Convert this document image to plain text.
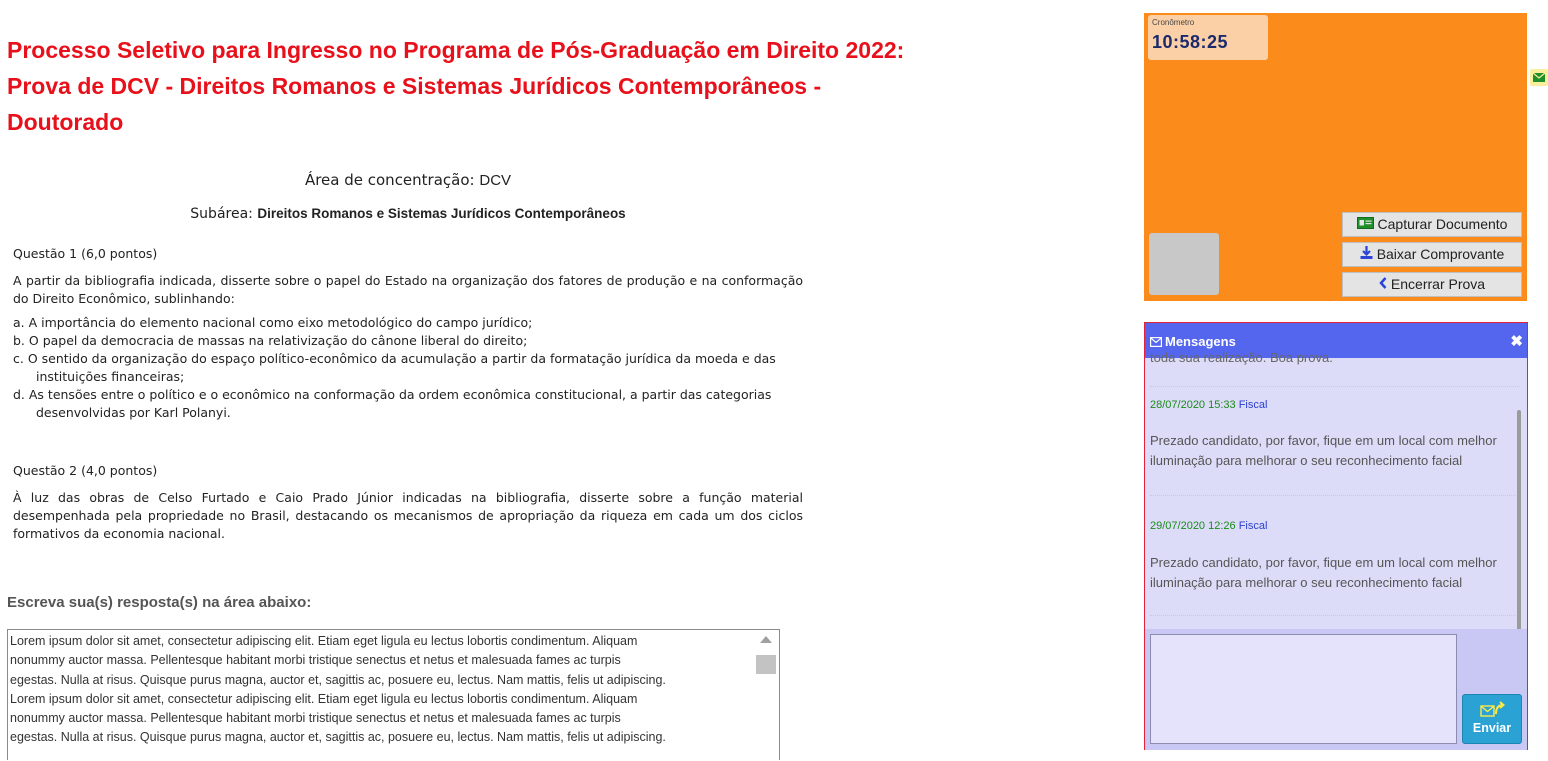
Processo Seletivo para Ingresso no Programa de Pós-Graduação em Direito 2022: Prova de DCV - Direitos Romanos e Sistemas Jurídicos Contemporâneos - Doutorado
Área de concentração: DCV
Subárea: Direitos Romanos e Sistemas Jurídicos Contemporâneos
Questão 1 (6,0 pontos)
A partir da bibliografia indicada, disserte sobre o papel do Estado na organização dos fatores de produção e na conformação do Direito Econômico, sublinhando:
a. A importância do elemento nacional como eixo metodológico do campo jurídico;
b. O papel da democracia de massas na relativização do cânone liberal do direito;
c. O sentido da organização do espaço político-econômico da acumulação a partir da formatação jurídica da moeda e das instituições financeiras;
d. As tensões entre o político e o econômico na conformação da ordem econômica constitucional, a partir das categorias desenvolvidas por Karl Polanyi.
Questão 2 (4,0 pontos)
À luz das obras de Celso Furtado e Caio Prado Júnior indicadas na bibliografia, disserte sobre a função material desempenhada pela propriedade no Brasil, destacando os mecanismos de apropriação da riqueza em cada um dos ciclos formativos da economia nacional.
Escreva sua(s) resposta(s) na área abaixo:
Lorem ipsum dolor sit amet, consectetur adipiscing elit. Etiam eget ligula eu lectus lobortis condimentum. Aliquam
nonummy auctor massa. Pellentesque habitant morbi tristique senectus et netus et malesuada fames ac turpis
egestas. Nulla at risus. Quisque purus magna, auctor et, sagittis ac, posuere eu, lectus. Nam mattis, felis ut adipiscing.
Lorem ipsum dolor sit amet, consectetur adipiscing elit. Etiam eget ligula eu lectus lobortis condimentum. Aliquam
nonummy auctor massa. Pellentesque habitant morbi tristique senectus et netus et malesuada fames ac turpis
egestas. Nulla at risus. Quisque purus magna, auctor et, sagittis ac, posuere eu, lectus. Nam mattis, felis ut adipiscing.
Cronômetro
10:58:25
Capturar Documento
Baixar Comprovante
Encerrar Prova
Mensagens	✖
toda sua realização. Boa prova.
28/07/2020 15:33 Fiscal
Prezado candidato, por favor, fique em um local com melhor iluminação para melhorar o seu reconhecimento facial
29/07/2020 12:26 Fiscal
Prezado candidato, por favor, fique em um local com melhor iluminação para melhorar o seu reconhecimento facial
Enviar
